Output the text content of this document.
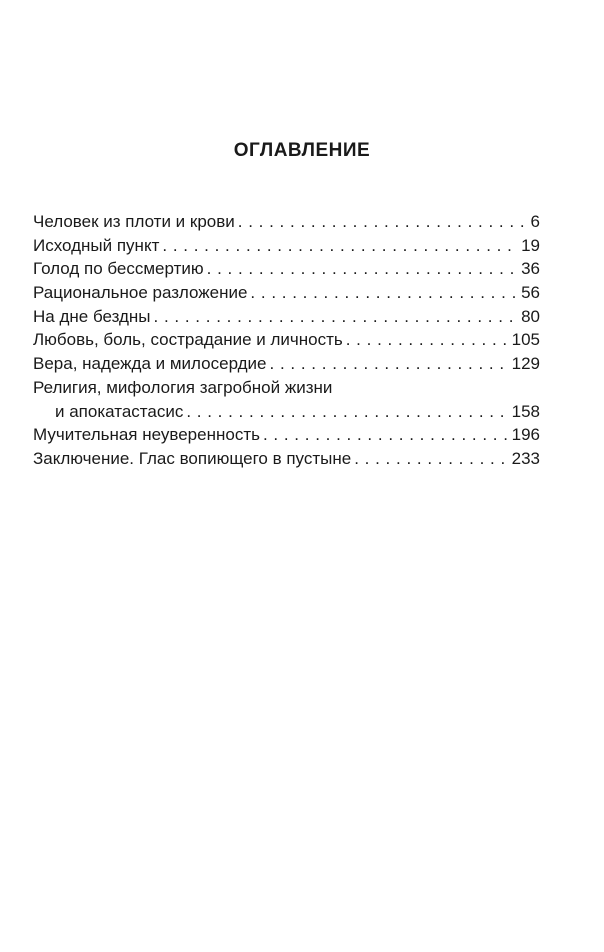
ОГЛАВЛЕНИЕ
Человек из плоти и крови . . .	6
Исходный пункт . . .	19
Голод по бессмертию . . .	36
Рациональное разложение . . .	56
На дне бездны . . .	80
Любовь, боль, сострадание и личность . . .	105
Вера, надежда и милосердие . . .	129
Религия, мифология загробной жизни
и апокатастасис . . .	158
Мучительная неуверенность . . .	196
Заключение. Глас вопиющего в пустыне . . .	233
